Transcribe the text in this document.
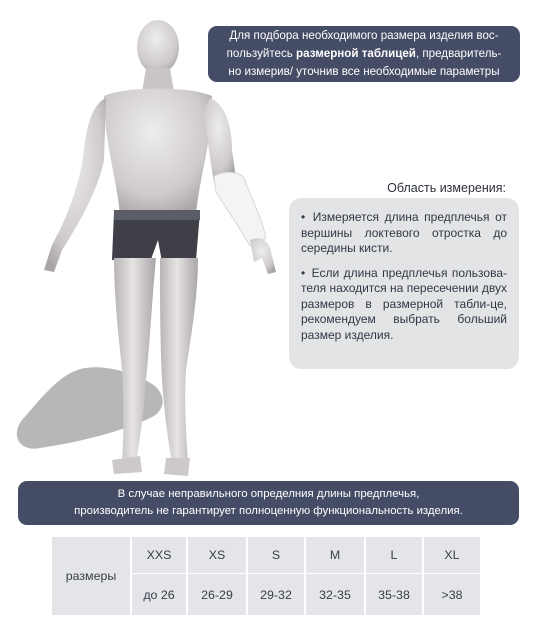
Для подбора необходимого размера изделия вос-
пользуйтесь размерной таблицей, предваритель-
но измерив/ уточнив все необходимые параметры
Область измерения:

• Измеряется длина предплечья от вершины локтевого отростка до середины кисти.

• Если длина предплечья пользова-теля находится на пересечении двух размеров в размерной табли-це, рекомендуем выбрать больший размер изделия.

В случае неправильного определния длины предплечья,
производитель не гарантирует полноценную функциональность изделия.
размеры
XXS	XS	S	M	L	XL
до 26	26-29	29-32	32-35	35-38	>38
